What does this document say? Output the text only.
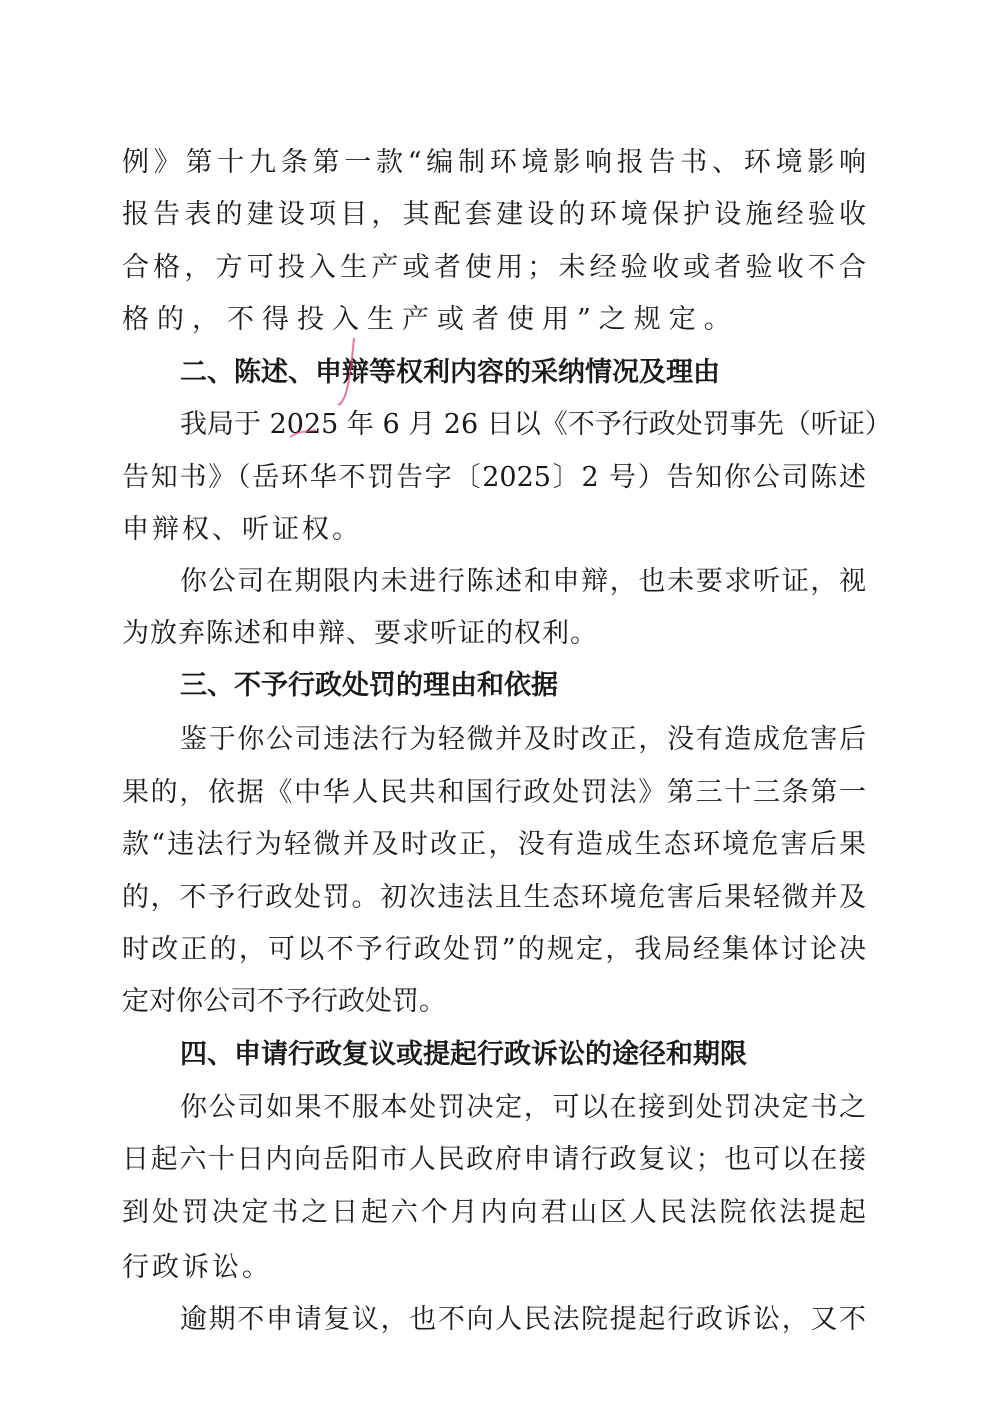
例》第十九条第一款“编制环境影响报告书、环境影响
报告表的建设项目，其配套建设的环境保护设施经验收
合格，方可投入生产或者使用；未经验收或者验收不合
格的，不得投入生产或者使用”之规定。
二、陈述、申辩等权利内容的采纳情况及理由
我局于 2025 年 6 月 26 日以《不予行政处罚事先（听证）
告知书》（岳环华不罚告字〔2025〕2 号）告知你公司陈述
申辩权、听证权。
你公司在期限内未进行陈述和申辩，也未要求听证，视
为放弃陈述和申辩、要求听证的权利。
三、不予行政处罚的理由和依据
鉴于你公司违法行为轻微并及时改正，没有造成危害后
果的，依据《中华人民共和国行政处罚法》第三十三条第一
款“违法行为轻微并及时改正，没有造成生态环境危害后果
的，不予行政处罚。初次违法且生态环境危害后果轻微并及
时改正的，可以不予行政处罚”的规定，我局经集体讨论决
定对你公司不予行政处罚。
四、申请行政复议或提起行政诉讼的途径和期限
你公司如果不服本处罚决定，可以在接到处罚决定书之
日起六十日内向岳阳市人民政府申请行政复议；也可以在接
到处罚决定书之日起六个月内向君山区人民法院依法提起
行政诉讼。
逾期不申请复议，也不向人民法院提起行政诉讼，又不
